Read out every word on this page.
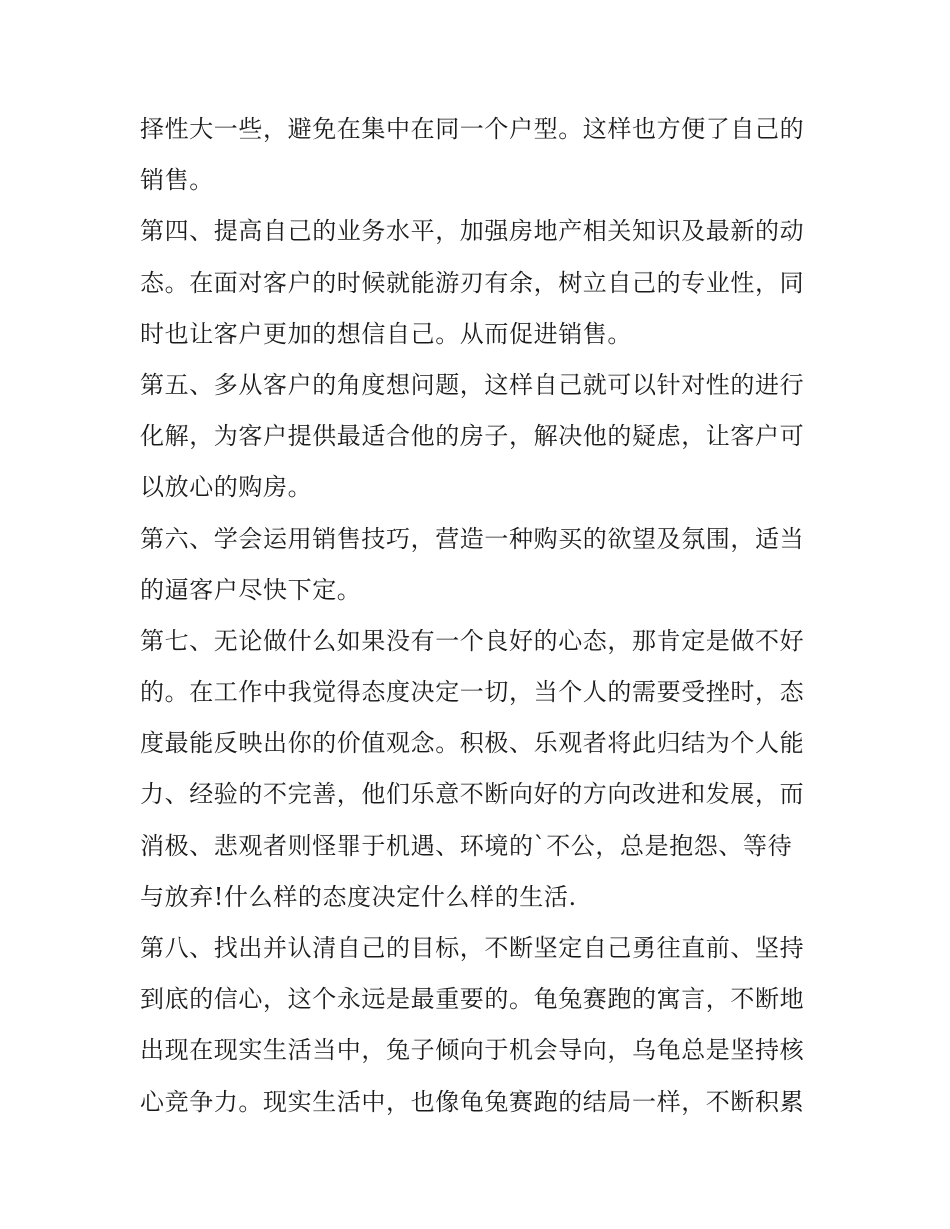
择性大一些，避免在集中在同一个户型。这样也方便了自己的
销售。
第四、提高自己的业务水平，加强房地产相关知识及最新的动
态。在面对客户的时候就能游刃有余，树立自己的专业性，同
时也让客户更加的想信自己。从而促进销售。
第五、多从客户的角度想问题，这样自己就可以针对性的进行
化解，为客户提供最适合他的房子，解决他的疑虑，让客户可
以放心的购房。
第六、学会运用销售技巧，营造一种购买的欲望及氛围，适当
的逼客户尽快下定。
第七、无论做什么如果没有一个良好的心态，那肯定是做不好
的。在工作中我觉得态度决定一切，当个人的需要受挫时，态
度最能反映出你的价值观念。积极、乐观者将此归结为个人能
力、经验的不完善，他们乐意不断向好的方向改进和发展，而
消极、悲观者则怪罪于机遇、环境的`不公，总是抱怨、等待
与放弃!什么样的态度决定什么样的生活.
第八、找出并认清自己的目标，不断坚定自己勇往直前、坚持
到底的信心，这个永远是最重要的。龟兔赛跑的寓言，不断地
出现在现实生活当中，兔子倾向于机会导向，乌龟总是坚持核
心竞争力。现实生活中，也像龟兔赛跑的结局一样，不断积累
